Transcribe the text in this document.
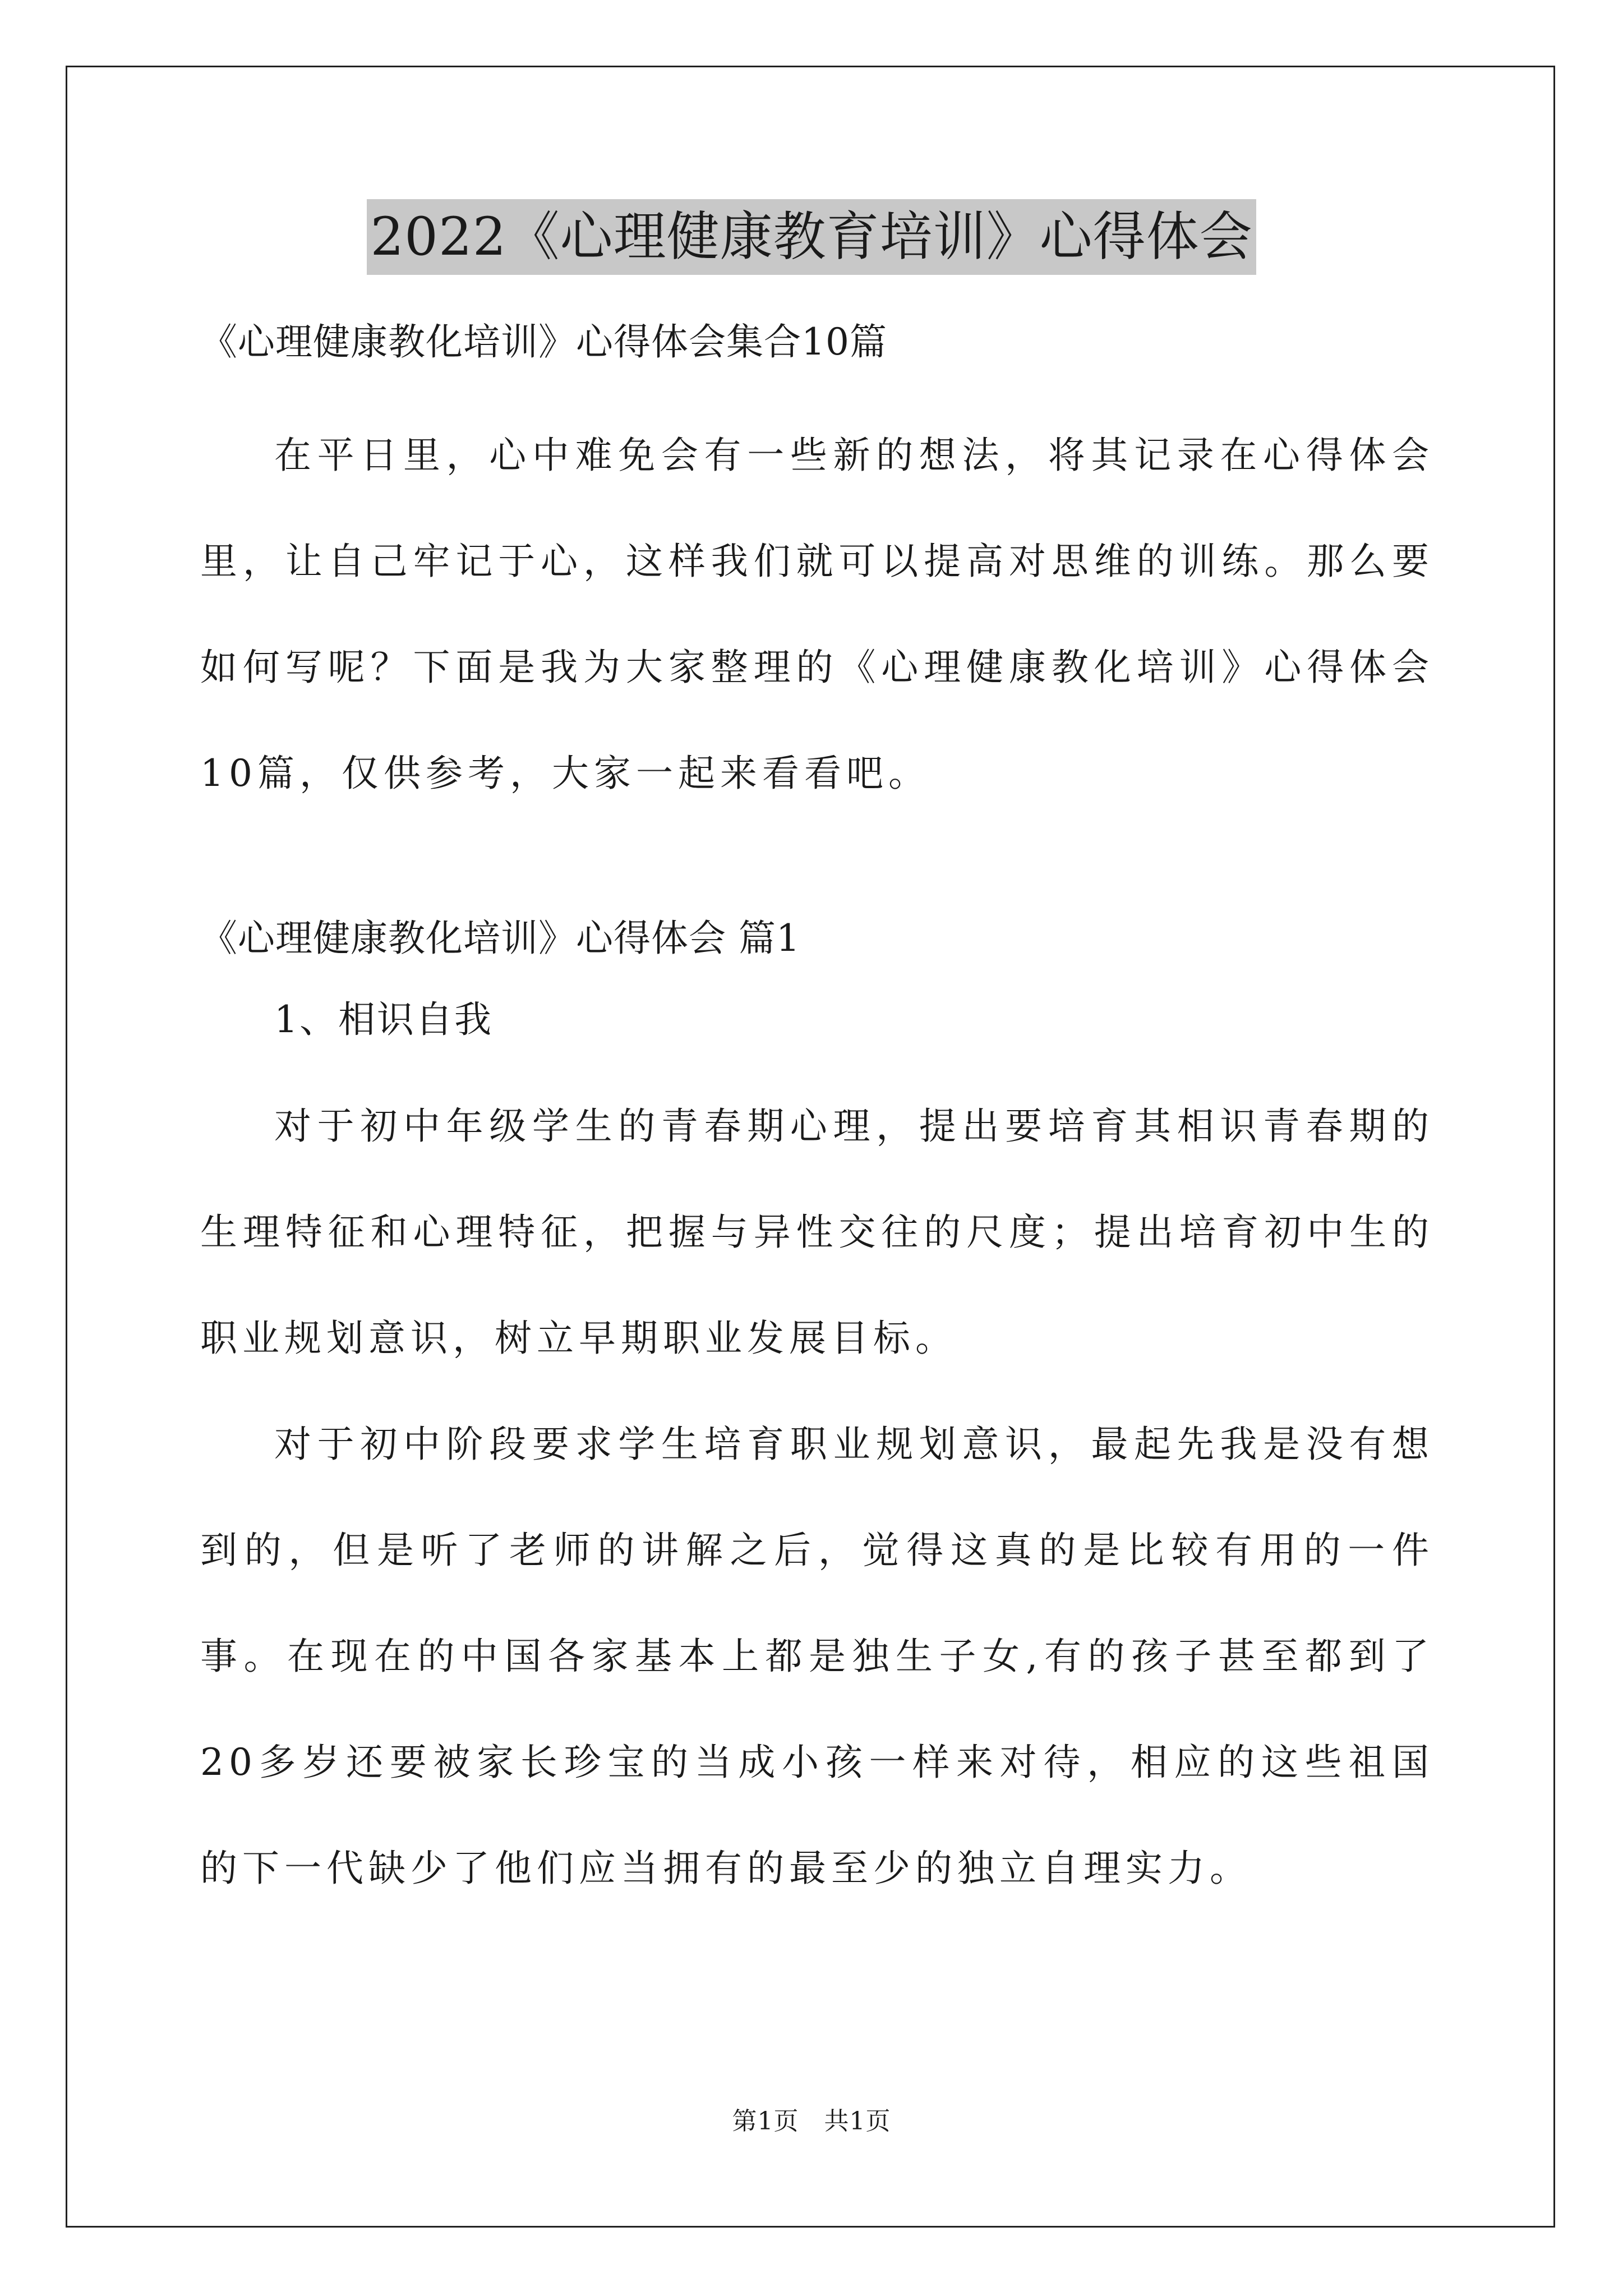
2022《心理健康教育培训》心得体会

《心理健康教化培训》心得体会集合10篇

在平日里，心中难免会有一些新的想法，将其记录在心得体会里，让自己牢记于心，这样我们就可以提高对思维的训练。那么要如何写呢？下面是我为大家整理的《心理健康教化培训》心得体会10篇，仅供参考，大家一起来看看吧。

《心理健康教化培训》心得体会 篇1

1、相识自我

对于初中年级学生的青春期心理，提出要培育其相识青春期的生理特征和心理特征，把握与异性交往的尺度；提出培育初中生的职业规划意识，树立早期职业发展目标。

对于初中阶段要求学生培育职业规划意识，最起先我是没有想到的，但是听了老师的讲解之后，觉得这真的是比较有用的一件事。在现在的中国各家基本上都是独生子女,有的孩子甚至都到了20多岁还要被家长珍宝的当成小孩一样来对待，相应的这些祖国的下一代缺少了他们应当拥有的最至少的独立自理实力。

第1页　共1页
